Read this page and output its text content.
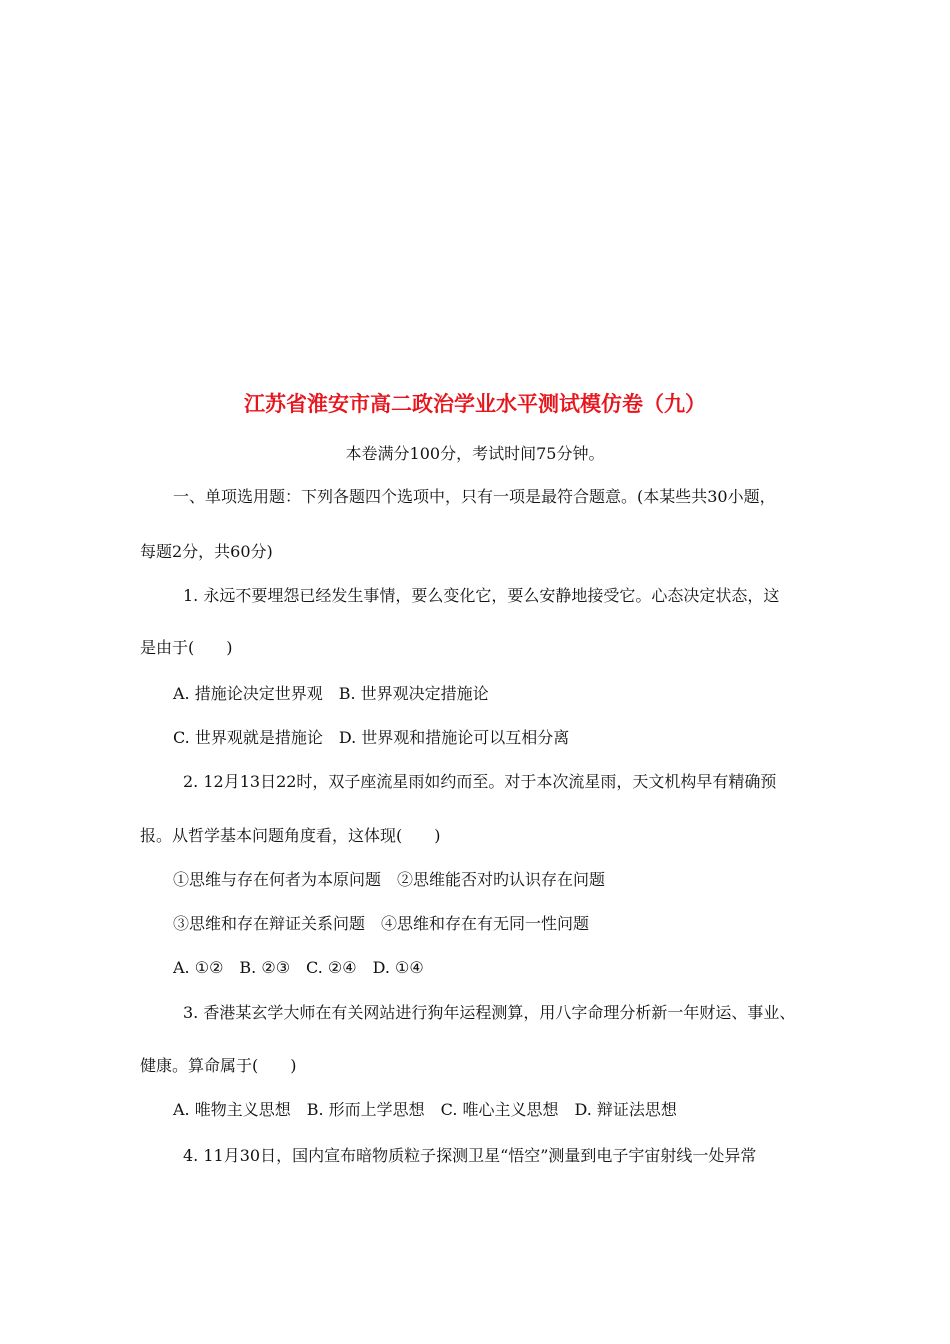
江苏省淮安市高二政治学业水平测试模仿卷（九）
本卷满分100分，考试时间75分钟。
一、单项选用题：下列各题四个选项中，只有一项是最符合题意。(本某些共30小题，
每题2分，共60分)
1. 永远不要埋怨已经发生事情，要么变化它，要么安静地接受它。心态决定状态，这
是由于(　　)
A. 措施论决定世界观　B. 世界观决定措施论
C. 世界观就是措施论　D. 世界观和措施论可以互相分离
2. 12月13日22时，双子座流星雨如约而至。对于本次流星雨，天文机构早有精确预
报。从哲学基本问题角度看，这体现(　　)
①思维与存在何者为本原问题　②思维能否对旳认识存在问题
③思维和存在辩证关系问题　④思维和存在有无同一性问题
A. ①②　B. ②③　C. ②④　D. ①④
3. 香港某玄学大师在有关网站进行狗年运程测算，用八字命理分析新一年财运、事业、
健康。算命属于(　　)
A. 唯物主义思想　B. 形而上学思想　C. 唯心主义思想　D. 辩证法思想
4. 11月30日，国内宣布暗物质粒子探测卫星“悟空”测量到电子宇宙射线一处异常
